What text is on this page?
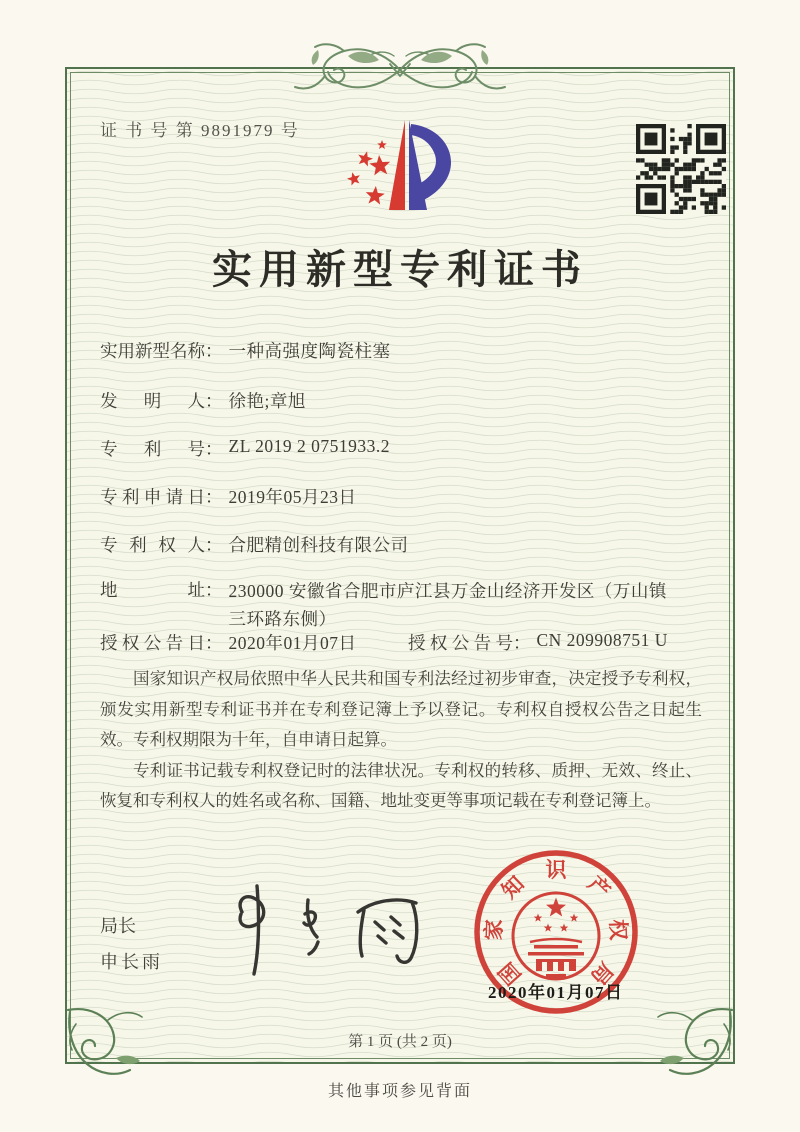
证 书 号 第 9891979 号
实用新型专利证书
实用新型名称： 一种高强度陶瓷柱塞
发明人： 徐艳;章旭
专利号： ZL 2019 2 0751933.2
专利申请日： 2019年05月23日
专利权人： 合肥精创科技有限公司
地址： 230000 安徽省合肥市庐江县万金山经济开发区（万山镇
三环路东侧）
授权公告日： 2020年01月07日	授权公告号： CN 209908751 U

国家知识产权局依照中华人民共和国专利法经过初步审查，决定授予专利权，颁发实用新型专利证书并在专利登记簿上予以登记。专利权自授权公告之日起生效。专利权期限为十年，自申请日起算。

专利证书记载专利权登记时的法律状况。专利权的转移、质押、无效、终止、恢复和专利权人的姓名或名称、国籍、地址变更等事项记载在专利登记簿上。

局长
申长雨	国
家
知
识
产
权
局
2020年01月07日
第 1 页 (共 2 页)
其他事项参见背面
